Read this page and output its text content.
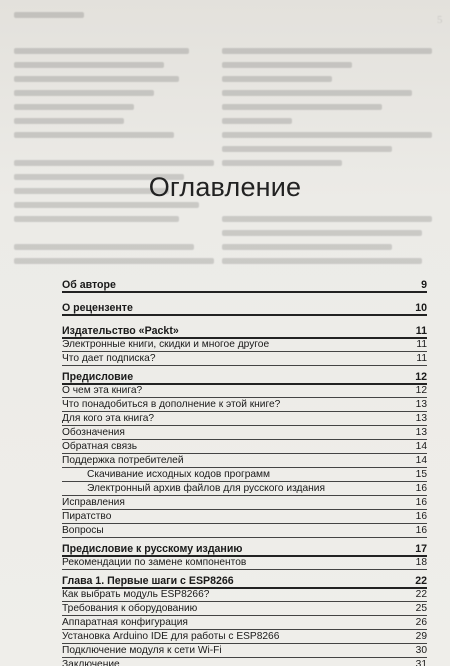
5
Оглавление
Об авторе	9
О рецензенте	10
Издательство «Packt»	11
Электронные книги, скидки и многое другое	11
Что дает подписка?	11
Предисловие	12
О чем эта книга?	12
Что понадобиться в дополнение к этой книге?	13
Для кого эта книга?	13
Обозначения	13
Обратная связь	14
Поддержка потребителей	14
Скачивание исходных кодов программ	15
Электронный архив файлов для русского издания	16
Исправления	16
Пиратство	16
Вопросы	16
Предисловие к русскому изданию	17
Рекомендации по замене компонентов	18
Глава 1. Первые шаги с ESP8266	22
Как выбрать модуль ESP8266?	22
Требования к оборудованию	25
Аппаратная конфигурация	26
Установка Arduino IDE для работы с ESP8266	29
Подключение модуля к сети Wi-Fi	30
Заключение	31
